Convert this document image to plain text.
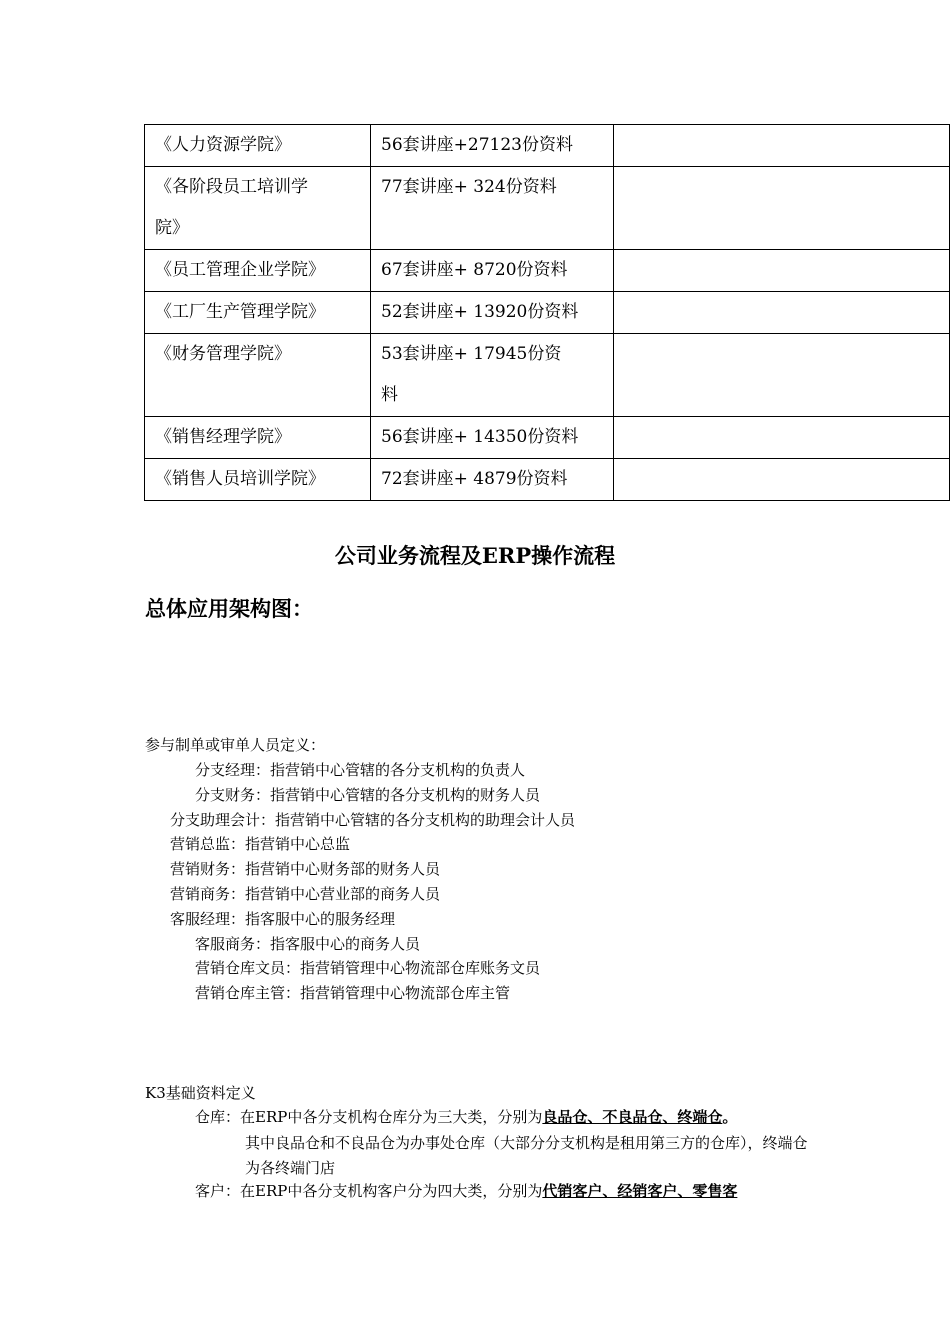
《人力资源学院》	56套讲座+27123份资料	
《各阶段员工培训学院》	77套讲座+ 324份资料	
《员工管理企业学院》	67套讲座+ 8720份资料	
《工厂生产管理学院》	52套讲座+ 13920份资料	
《财务管理学院》	53套讲座+ 17945份资料	
《销售经理学院》	56套讲座+ 14350份资料	
《销售人员培训学院》	72套讲座+ 4879份资料	
公司业务流程及ERP操作流程
总体应用架构图：
参与制单或审单人员定义：
分支经理：指营销中心管辖的各分支机构的负责人
分支财务：指营销中心管辖的各分支机构的财务人员
分支助理会计：指营销中心管辖的各分支机构的助理会计人员
营销总监：指营销中心总监
营销财务：指营销中心财务部的财务人员
营销商务：指营销中心营业部的商务人员
客服经理：指客服中心的服务经理
客服商务：指客服中心的商务人员
营销仓库文员：指营销管理中心物流部仓库账务文员
营销仓库主管：指营销管理中心物流部仓库主管
K3基础资料定义
仓库：在ERP中各分支机构仓库分为三大类，分别为良品仓、不良品仓、终端仓。
其中良品仓和不良品仓为办事处仓库（大部分分支机构是租用第三方的仓库），终端仓为各终端门店
客户：在ERP中各分支机构客户分为四大类，分别为代销客户、经销客户、零售客
